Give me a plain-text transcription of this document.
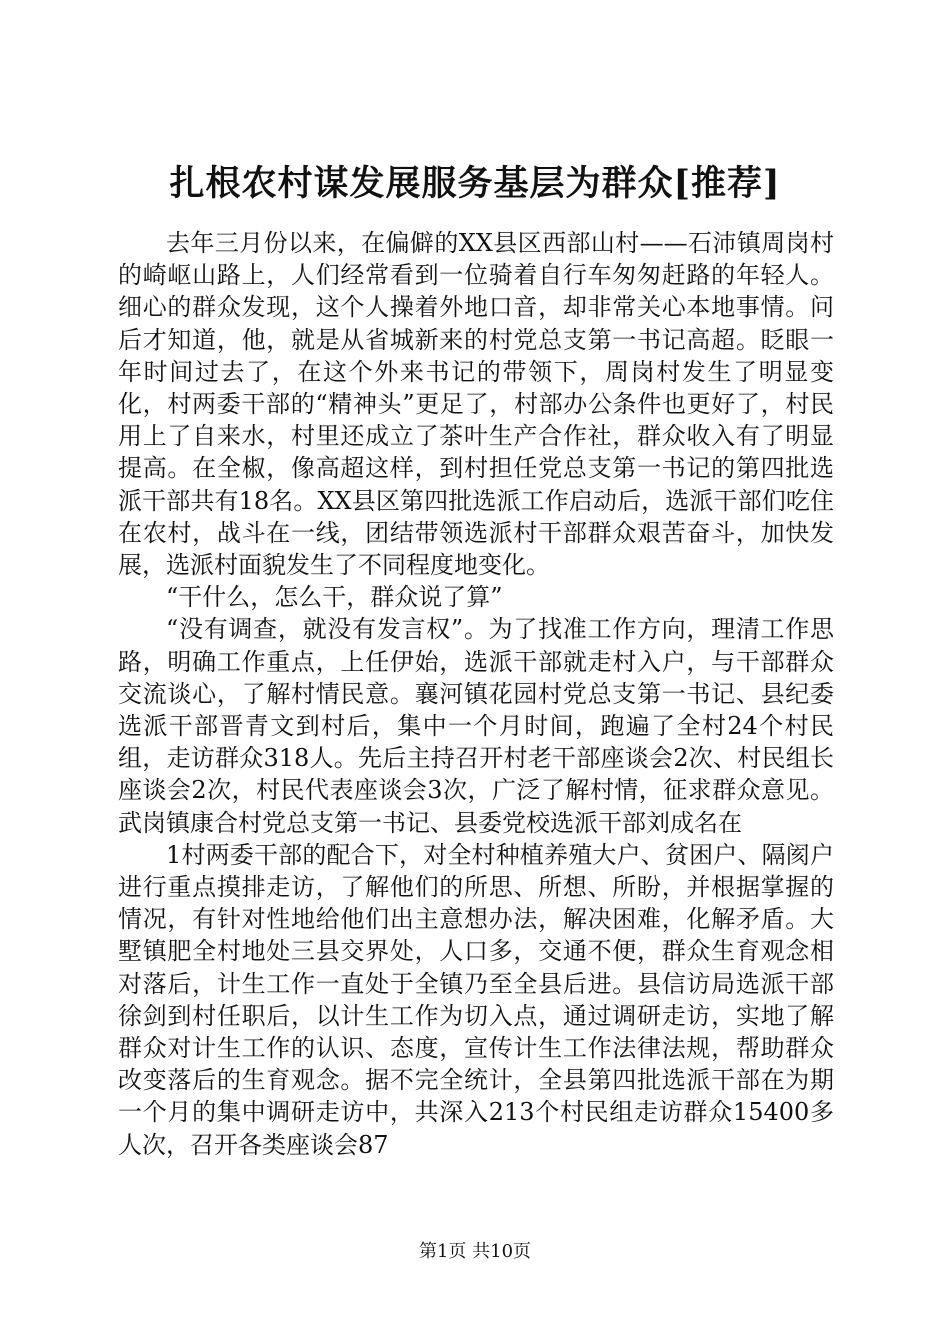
扎根农村谋发展服务基层为群众[推荐]

去年三月份以来，在偏僻的XX县区西部山村——石沛镇周岗村的崎岖山路上，人们经常看到一位骑着自行车匆匆赶路的年轻人。细心的群众发现，这个人操着外地口音，却非常关心本地事情。问后才知道，他，就是从省城新来的村党总支第一书记高超。眨眼一年时间过去了，在这个外来书记的带领下，周岗村发生了明显变化，村两委干部的“精神头”更足了，村部办公条件也更好了，村民用上了自来水，村里还成立了茶叶生产合作社，群众收入有了明显提高。在全椒，像高超这样，到村担任党总支第一书记的第四批选派干部共有18名。XX县区第四批选派工作启动后，选派干部们吃住在农村，战斗在一线，团结带领选派村干部群众艰苦奋斗，加快发展，选派村面貌发生了不同程度地变化。

“干什么，怎么干，群众说了算”

“没有调查，就没有发言权”。为了找准工作方向，理清工作思路，明确工作重点，上任伊始，选派干部就走村入户，与干部群众交流谈心，了解村情民意。襄河镇花园村党总支第一书记、县纪委选派干部晋青文到村后，集中一个月时间，跑遍了全村24个村民组，走访群众318人。先后主持召开村老干部座谈会2次、村民组长座谈会2次，村民代表座谈会3次，广泛了解村情，征求群众意见。武岗镇康合村党总支第一书记、县委党校选派干部刘成名在

1村两委干部的配合下，对全村种植养殖大户、贫困户、隔阂户进行重点摸排走访，了解他们的所思、所想、所盼，并根据掌握的情况，有针对性地给他们出主意想办法，解决困难，化解矛盾。大墅镇肥全村地处三县交界处，人口多，交通不便，群众生育观念相对落后，计生工作一直处于全镇乃至全县后进。县信访局选派干部徐剑到村任职后，以计生工作为切入点，通过调研走访，实地了解群众对计生工作的认识、态度，宣传计生工作法律法规，帮助群众改变落后的生育观念。据不完全统计，全县第四批选派干部在为期一个月的集中调研走访中，共深入213个村民组走访群众15400多人次，召开各类座谈会87

第1页 共10页
